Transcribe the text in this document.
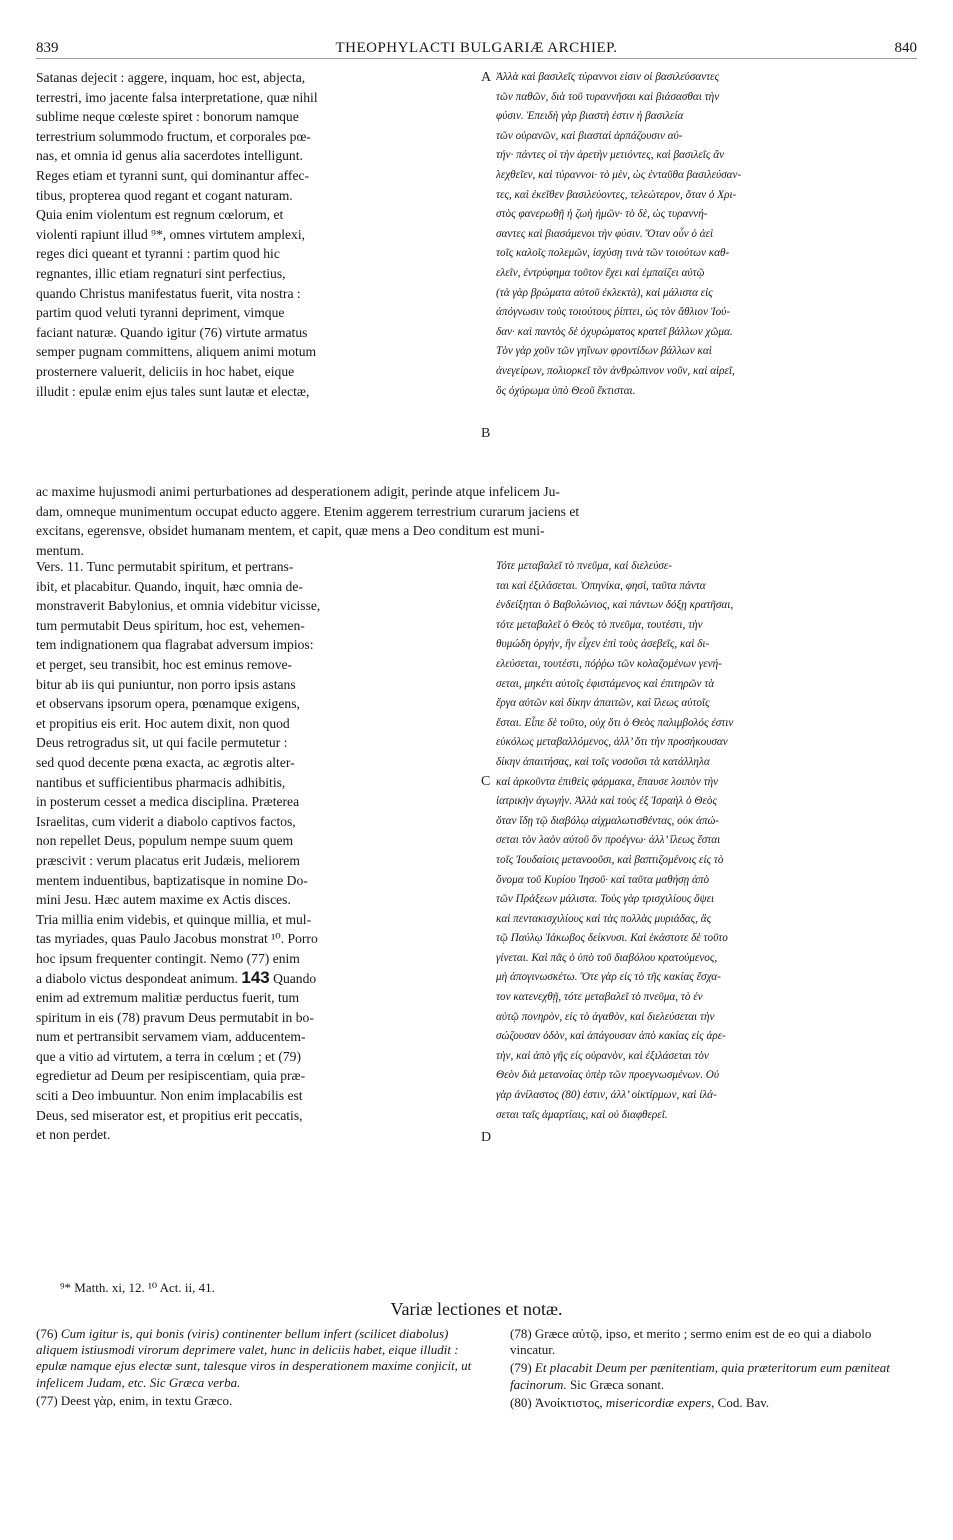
839	THEOPHYLACTI BULGARIÆ ARCHIEP.	840
Satanas dejecit : aggere, inquam, hoc est, abjecta,
terrestri, imo jacente falsa interpretatione, quæ nihil
sublime neque cœleste spiret : bonorum namque
terrestrium solummodo fructum, et corporales pœ-
nas, et omnia id genus alia sacerdotes intelligunt.
Reges etiam et tyranni sunt, qui dominantur affec-
tibus, propterea quod regant et cogant naturam.
Quia enim violentum est regnum cœlorum, et
violenti rapiunt illud ⁹*, omnes virtutem amplexi,
reges dici queant et tyranni : partim quod hic
regnantes, illic etiam regnaturi sint perfectius,
quando Christus manifestatus fuerit, vita nostra :
partim quod veluti tyranni depriment, vimque
faciant naturæ. Quando igitur (76) virtute armatus
semper pugnam committens, aliquem animi motum
prosternere valuerit, deliciis in hoc habet, eique
illudit : epulæ enim ejus tales sunt lautæ et electæ,
Ἀλλὰ καὶ βασιλεῖς τύραννοι εἰσιν οἱ βασιλεύσαντες
τῶν παθῶν, διὰ τοῦ τυραννῆσαι καὶ βιάσασθαι τὴν
φύσιν. Ἐπειδὴ γὰρ βιαστὴ ἐστιν ἡ βασιλεία
τῶν οὐρανῶν, καὶ βιασταὶ ἁρπάζουσιν αὐ-
τήν· πάντες οἱ τὴν ἀρετὴν μετιόντες, καὶ βασιλεῖς ἂν
λεχθεῖεν, καὶ τύραννοι· τὸ μὲν, ὡς ἐνταῦθα βασιλεύσαν-
τες, καὶ ἐκεῖθεν βασιλεύοντες, τελεώτερον, ὅταν ὁ Χρι-
στὸς φανερωθῇ ἡ ζωὴ ἡμῶν· τὸ δὲ, ὡς τυραννή-
σαντες καὶ βιασάμενοι τὴν φύσιν. Ὅταν οὖν ὁ ἀεὶ
τοῖς καλοῖς πολεμῶν, ἰσχύσῃ τινὰ τῶν τοιούτων καθ-
ελεῖν, ἐντρύφημα τοῦτον ἔχει καὶ ἐμπαίζει αὐτῷ
(τὰ γὰρ βρώματα αὐτοῦ ἐκλεκτὰ), καὶ μάλιστα εἰς
ἀπόγνωσιν τοὺς τοιούτους ῥίπτει, ὡς τὸν ἄθλιον Ἰού-
δαν· καὶ παντὸς δὲ ὀχυρώματος κρατεῖ βάλλων χῶμα.
Τὸν γὰρ χοῦν τῶν γηΐνων φροντίδων βάλλων καὶ
ἀνεγείρων, πολιορκεῖ τὸν ἀνθρώπινον νοῦν, καὶ αἱρεῖ,
ὃς ὀχύρωμα ὑπὸ Θεοῦ ἔκτισται.
A
B
ac maxime hujusmodi animi perturbationes ad desperationem adigit, perinde atque infelicem Ju-
dam, omneque munimentum occupat educto aggere. Etenim aggerem terrestrium curarum jaciens et
excitans, egerensve, obsidet humanam mentem, et capit, quæ mens a Deo conditum est muni-
mentum.
Vers. 11. Tunc permutabit spiritum, et pertrans-
ibit, et placabitur. Quando, inquit, hæc omnia de-
monstraverit Babylonius, et omnia videbitur vicisse,
tum permutabit Deus spiritum, hoc est, vehemen-
tem indignationem qua flagrabat adversum impios:
et perget, seu transibit, hoc est eminus remove-
bitur ab iis qui puniuntur, non porro ipsis astans
et observans ipsorum opera, pœnamque exigens,
et propitius eis erit. Hoc autem dixit, non quod
Deus retrogradus sit, ut qui facile permutetur :
sed quod decente pœna exacta, ac ægrotis alter-
nantibus et sufficientibus pharmacis adhibitis,
in posterum cesset a medica disciplina. Præterea
Israelitas, cum viderit a diabolo captivos factos,
non repellet Deus, populum nempe suum quem
præscivit : verum placatus erit Judæis, meliorem
mentem induentibus, baptizatisque in nomine Do-
mini Jesu. Hæc autem maxime ex Actis disces.
Tria millia enim videbis, et quinque millia, et mul-
tas myriades, quas Paulo Jacobus monstrat ¹⁰. Porro
hoc ipsum frequenter contingit. Nemo (77) enim
a diabolo victus despondeat animum. 143 Quando
enim ad extremum malitiæ perductus fuerit, tum
spiritum in eis (78) pravum Deus permutabit in bo-
num et pertransibit servamem viam, adducentem-
que a vitio ad virtutem, a terra in cœlum ; et (79)
egredietur ad Deum per resipiscentiam, quia præ-
sciti a Deo imbuuntur. Non enim implacabilis est
Deus, sed miserator est, et propitius erit peccatis,
et non perdet.
Τότε μεταβαλεῖ τὸ πνεῦμα, καὶ διελεύσε-
ται καὶ ἐξιλάσεται. Ὁπηνίκα, φησὶ, ταῦτα πάντα
ἐνδείξηται ὁ Βαβυλώνιος, καὶ πάντων δόξῃ κρατῆσαι,
τότε μεταβαλεῖ ὁ Θεὸς τὸ πνεῦμα, τουτέστι, τὴν
θυμώδη ὀργὴν, ἣν εἶχεν ἐπὶ τοὺς ἀσεβεῖς, καὶ δι-
ελεύσεται, τουτέστι, πόῤῥω τῶν κολαζομένων γενή-
σεται, μηκέτι αὐτοῖς ἐφιστάμενος καὶ ἐπιτηρῶν τὰ
ἔργα αὐτῶν καὶ δίκην ἀπαιτῶν, καὶ ἵλεως αὐτοῖς
ἔσται. Εἶπε δὲ τοῦτο, οὐχ ὅτι ὁ Θεὸς παλιμβολός ἐστιν
εὐκόλως μεταβαλλόμενος, ἀλλ’ ὅτι τὴν προσήκουσαν
δίκην ἀπαιτήσας, καὶ τοῖς νοσοῦσι τὰ κατάλληλα
καὶ ἀρκοῦντα ἐπιθεὶς φάρμακα, ἔπαυσε λοιπὸν τὴν
ἰατρικὴν ἀγωγήν. Ἀλλὰ καὶ τοὺς ἐξ Ἰσραὴλ ὁ Θεὸς
ὅταν ἴδῃ τῷ διαβόλῳ αἰχμαλωτισθέντας, οὐκ ἀπώ-
σεται τὸν λαὸν αὐτοῦ ὃν προέγνω· ἀλλ’ ἵλεως ἔσται
τοῖς Ἰουδαίοις μετανοοῦσι, καὶ βαπτιζομένοις εἰς τὸ
ὄνομα τοῦ Κυρίου Ἰησοῦ· καὶ ταῦτα μαθήσῃ ἀπὸ
τῶν Πράξεων μάλιστα. Τοὺς γὰρ τρισχιλίους ὄψει
καὶ πεντακισχιλίους καὶ τὰς πολλὰς μυριάδας, ἃς
τῷ Παύλῳ Ἰάκωβος δείκνυσι. Καὶ ἑκάστοτε δὲ τοῦτο
γίνεται. Καὶ πᾶς ὁ ὑπὸ τοῦ διαβόλου κρατούμενος,
μὴ ἀπογινωσκέτω. Ὅτε γὰρ εἰς τὸ τῆς κακίας ἔσχα-
τον κατενεχθῇ, τότε μεταβαλεῖ τὸ πνεῦμα, τὸ ἐν
αὐτῷ πονηρὸν, εἰς τὸ ἀγαθὸν, καὶ διελεύσεται τὴν
σώζουσαν ὁδὸν, καὶ ἀπάγουσαν ἀπὸ κακίας εἰς ἀρε-
τὴν, καὶ ἀπὸ γῆς εἰς οὐρανὸν, καὶ ἐξιλάσεται τὸν
Θεὸν διὰ μετανοίας ὑπὲρ τῶν προεγνωσμένων. Οὐ
γὰρ ἀνίλαστος (80) ἐστιν, ἀλλ’ οἰκτίρμων, καὶ ἱλά-
σεται ταῖς ἁμαρτίαις, καὶ οὐ διαφθερεῖ.
C
D
⁹* Matth. xi, 12. ¹⁰ Act. ii, 41.
Variæ lectiones et notæ.

(76) Cum igitur is, qui bonis (viris) continenter bellum infert (scilicet diabolus) aliquem istiusmodi virorum deprimere valet, hunc in deliciis habet, eique illudit : epulæ namque ejus electæ sunt, talesque viros in desperationem maxime conjicit, ut infelicem Judam, etc. Sic Græca verba.

(77) Deest γὰρ, enim, in textu Græco.

(78) Græce αὐτῷ, ipso, et merito ; sermo enim est de eo qui a diabolo vincatur.

(79) Et placabit Deum per pænitentiam, quia præteritorum eum pæniteat facinorum. Sic Græca sonant.

(80) Ἀνοίκτιστος, misericordiæ expers, Cod. Bav.
